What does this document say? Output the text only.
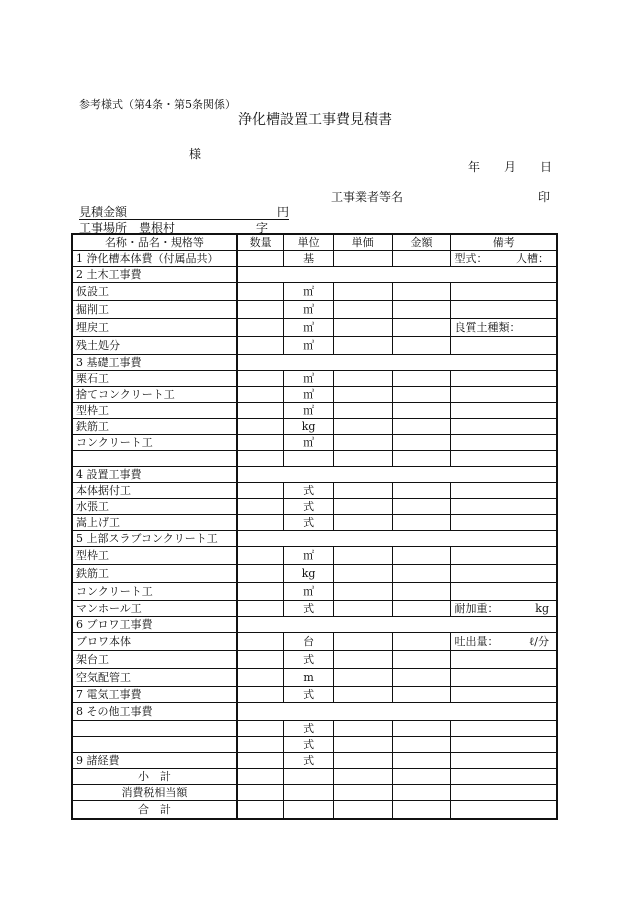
参考様式（第4条・第5条関係）
浄化槽設置工事費見積書
様
年 月 日
工事業者等名	印
見積金額	円
工事場所　豊根村	字
名称・品名・規格等	数量	単位	単価	金額	備考
1 浄化槽本体費（付属品共）		基			型式： 人槽：

2 土木工事費					
仮設工		㎡			
掘削工		㎥			
埋戻工		㎥			良質土種類：
残土処分		㎥			
3 基礎工事費					
栗石工		㎥			
捨てコンクリート工		㎥			
型枠工		㎡			
鉄筋工		kg			
コンクリート工		㎥			

4 設置工事費					
本体据付工		式			
水張工		式			
嵩上げ工		式			
5 上部スラブコンクリート工					
型枠工		㎡			
鉄筋工		kg			
コンクリート工		㎥			
マンホール工		式			耐加重： kg

6 ブロワ工事費					
ブロワ本体		台			吐出量： ℓ/分

架台工		式			
空気配管工		m			
7 電気工事費		式			
8 その他工事費					
		式			
		式			
9 諸経費		式			
小　計					
消費税相当額					
合　計					
